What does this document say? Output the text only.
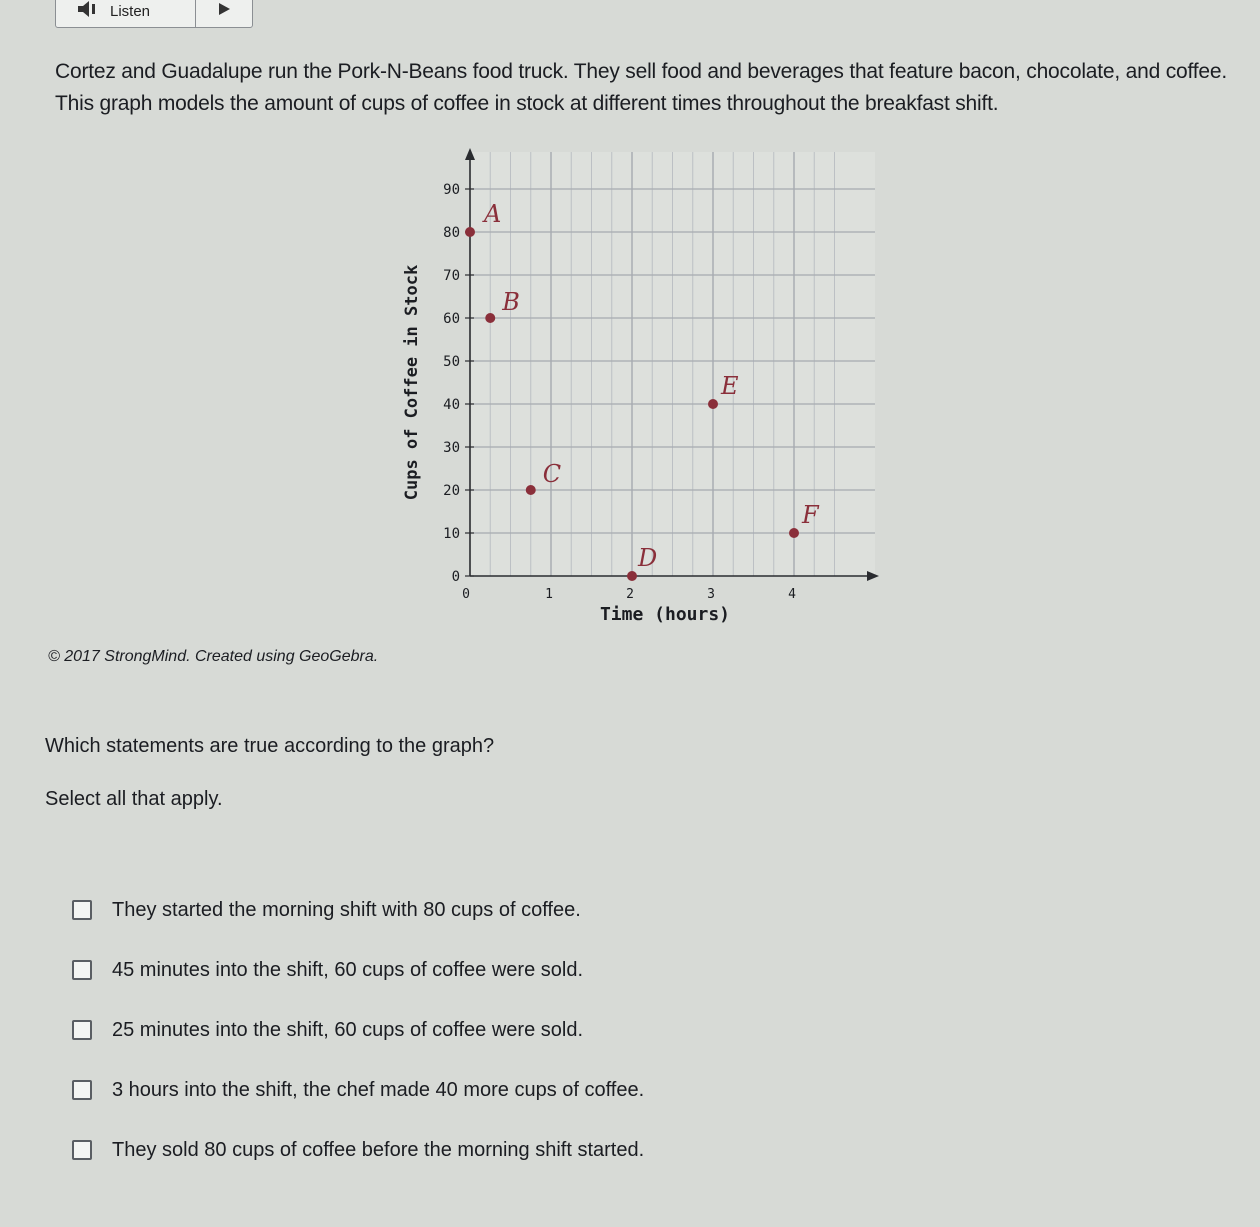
Listen
Cortez and Guadalupe run the Pork-N-Beans food truck. They sell food and beverages that feature bacon, chocolate, and coffee. This graph models the amount of cups of coffee in stock at different times throughout the breakfast shift.
0
10
20
30
40
50
60
70
80
90
0	1	2	3	4
Time (hours)
Cups of Coffee in Stock
A
B
C
D
E
F
© 2017 StrongMind. Created using GeoGebra.
Which statements are true according to the graph?
Select all that apply.
They started the morning shift with 80 cups of coffee.
45 minutes into the shift, 60 cups of coffee were sold.
25 minutes into the shift, 60 cups of coffee were sold.
3 hours into the shift, the chef made 40 more cups of coffee.
They sold 80 cups of coffee before the morning shift started.
